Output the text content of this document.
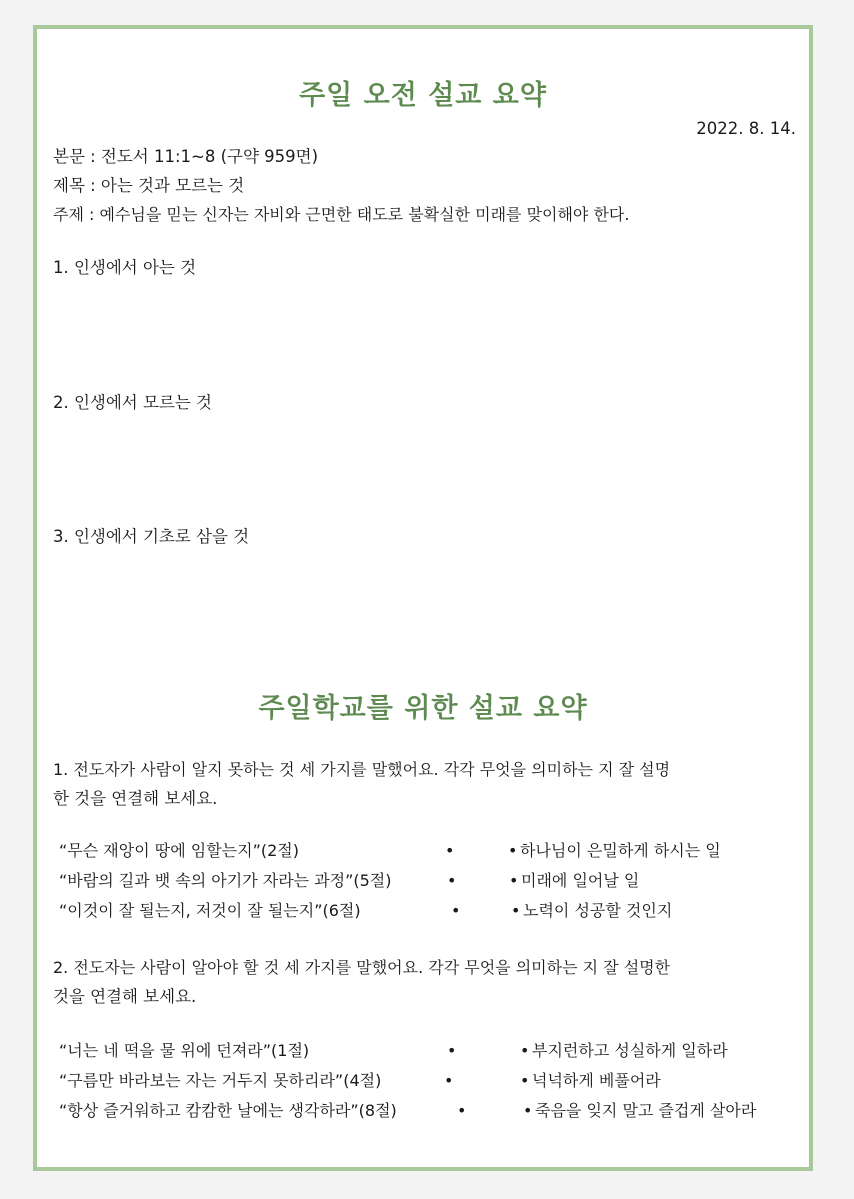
주일 오전 설교 요약
2022. 8. 14.
본문 : 전도서 11:1~8 (구약 959면)
제목 : 아는 것과 모르는 것
주제 : 예수님을 믿는 신자는 자비와 근면한 태도로 불확실한 미래를 맞이해야 한다.
1. 인생에서 아는 것
2. 인생에서 모르는 것
3. 인생에서 기초로 삼을 것
주일학교를 위한 설교 요약
1. 전도자가 사람이 알지 못하는 것 세 가지를 말했어요. 각각 무엇을 의미하는 지 잘 설명
한 것을 연결해 보세요.
“무슨 재앙이 땅에 임할는지”(2절)
“바람의 길과 뱃 속의 아기가 자라는 과정”(5절)
“이것이 잘 될는지, 저것이 잘 될는지”(6절)
•
•
•
• 하나님이 은밀하게 하시는 일
• 미래에 일어날 일
• 노력이 성공할 것인지
2. 전도자는 사람이 알아야 할 것 세 가지를 말했어요. 각각 무엇을 의미하는 지 잘 설명한
것을 연결해 보세요.
“너는 네 떡을 물 위에 던져라”(1절)
“구름만 바라보는 자는 거두지 못하리라”(4절)
“항상 즐거워하고 캄캄한 날에는 생각하라”(8절)
•
•
•
• 부지런하고 성실하게 일하라
• 넉넉하게 베풀어라
• 죽음을 잊지 말고 즐겁게 살아라
